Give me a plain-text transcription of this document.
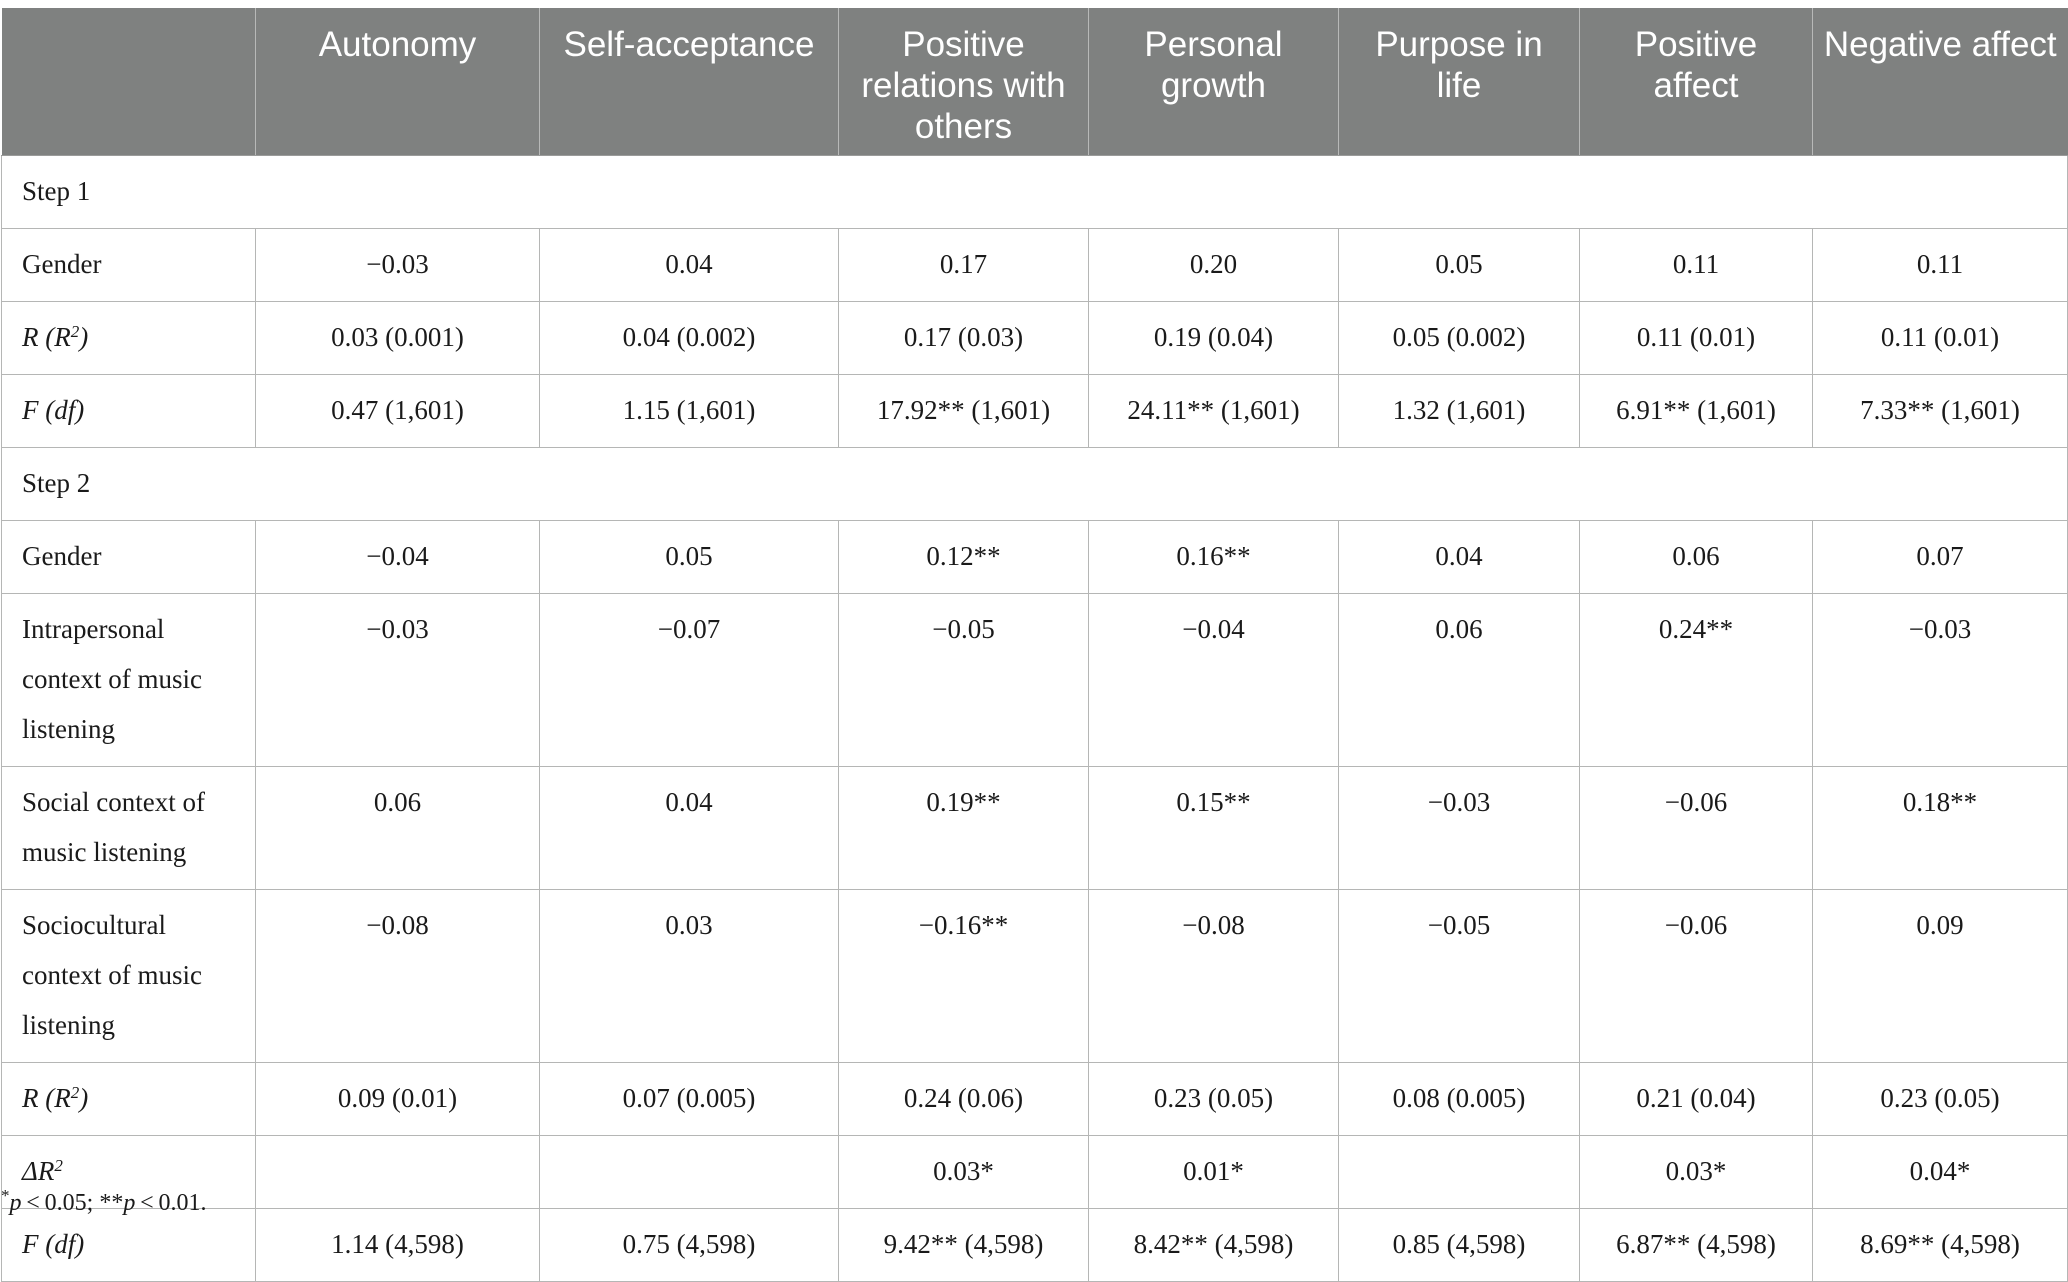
	Autonomy	Self-acceptance	Positive relations with others	Personal growth	Purpose in life	Positive affect	Negative affect
Step 1							
Gender	−0.03	0.04	0.17	0.20	0.05	0.11	0.11
R $(R^2)$	0.03 (0.001)	0.04 (0.002)	0.17 (0.03)	0.19 (0.04)	0.05 (0.002)	0.11 (0.01)	0.11 (0.01)
F (df)	0.47 (1,601)	1.15 (1,601)	17.92** (1,601)	24.11** (1,601)	1.32 (1,601)	6.91** (1,601)	7.33** (1,601)
Step 2							
Gender	−0.04	0.05	0.12**	0.16**	0.04	0.06	0.07
Intrapersonal context of music listening	−0.03	−0.07	−0.05	−0.04	0.06	0.24**	−0.03
Social context of music listening	0.06	0.04	0.19**	0.15**	−0.03	−0.06	0.18**
Sociocultural context of music listening	−0.08	0.03	−0.16**	−0.08	−0.05	−0.06	0.09
R $(R^2)$	0.09 (0.01)	0.07 (0.005)	0.24 (0.06)	0.23 (0.05)	0.08 (0.005)	0.21 (0.04)	0.23 (0.05)
$\Delta R^2$			0.03*	0.01*		0.03*	0.04*
F (df)	1.14 (4,598)	0.75 (4,598)	9.42** (4,598)	8.42** (4,598)	0.85 (4,598)	6.87** (4,598)	8.69** (4,598)
*p < 0.05; **p < 0.01.
